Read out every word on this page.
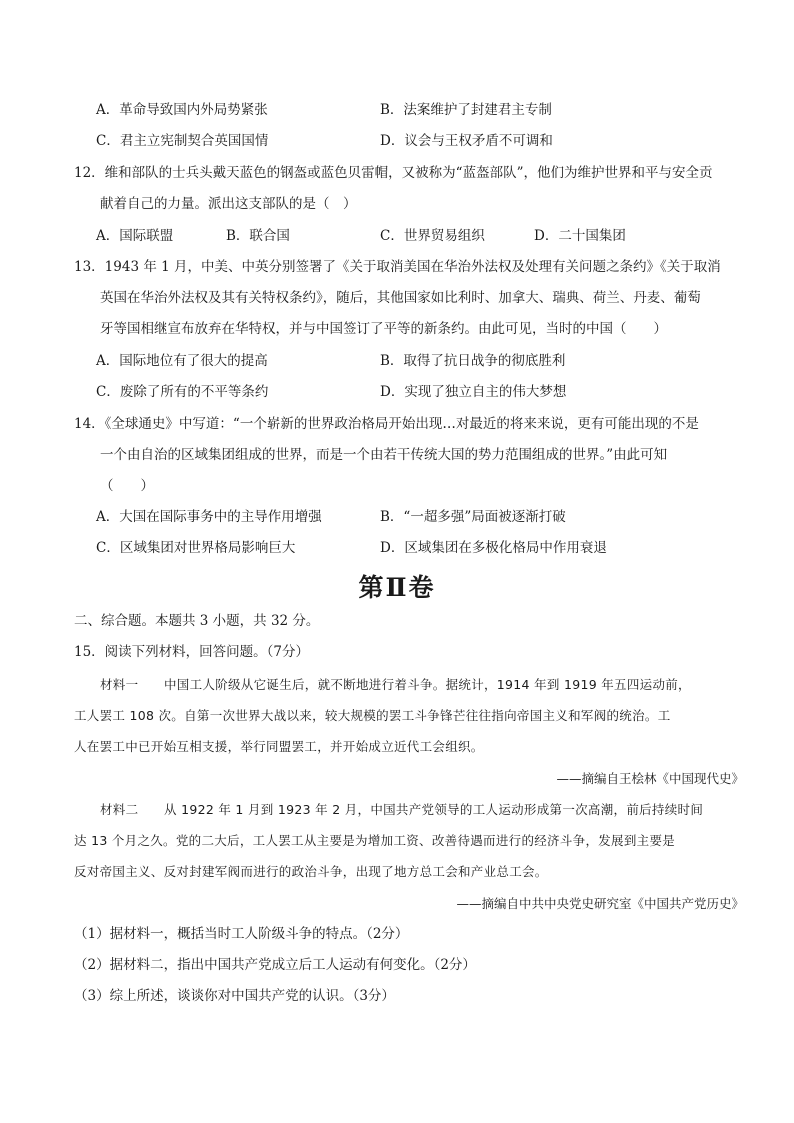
A．革命导致国内外局势紧张	B．法案维护了封建君主专制
C．君主立宪制契合英国国情	D．议会与王权矛盾不可调和
12．维和部队的士兵头戴天蓝色的钢盔或蓝色贝雷帽，又被称为“蓝盔部队”，他们为维护世界和平与安全贡
献着自己的力量。派出这支部队的是（　）
A．国际联盟	B．联合国	C．世界贸易组织	D．二十国集团
13．1943 年 1 月，中美、中英分别签署了《关于取消美国在华治外法权及处理有关问题之条约》《关于取消
英国在华治外法权及其有关特权条约》，随后，其他国家如比利时、加拿大、瑞典、荷兰、丹麦、葡萄
牙等国相继宣布放弃在华特权，并与中国签订了平等的新条约。由此可见，当时的中国（　　）
A．国际地位有了很大的提高	B．取得了抗日战争的彻底胜利
C．废除了所有的不平等条约	D．实现了独立自主的伟大梦想
14．《全球通史》中写道：“一个崭新的世界政治格局开始出现…对最近的将来来说，更有可能出现的不是
一个由自治的区域集团组成的世界，而是一个由若干传统大国的势力范围组成的世界。”由此可知
（　　）
A．大国在国际事务中的主导作用增强	B．“一超多强”局面被逐渐打破
C．区域集团对世界格局影响巨大	D．区域集团在多极化格局中作用衰退
第Ⅱ卷
二、综合题。本题共 3 小题，共 32 分。
15．阅读下列材料，回答问题。（7分）
材料一　　中国工人阶级从它诞生后，就不断地进行着斗争。据统计，1914 年到 1919 年五四运动前，
工人罢工 108 次。自第一次世界大战以来，较大规模的罢工斗争锋芒往往指向帝国主义和军阀的统治。工
人在罢工中已开始互相支援，举行同盟罢工，并开始成立近代工会组织。
——摘编自王桧林《中国现代史》
材料二　　从 1922 年 1 月到 1923 年 2 月，中国共产党领导的工人运动形成第一次高潮，前后持续时间
达 13 个月之久。党的二大后，工人罢工从主要是为增加工资、改善待遇而进行的经济斗争，发展到主要是
反对帝国主义、反对封建军阀而进行的政治斗争，出现了地方总工会和产业总工会。
——摘编自中共中央党史研究室《中国共产党历史》
（1）据材料一，概括当时工人阶级斗争的特点。（2分）
（2）据材料二，指出中国共产党成立后工人运动有何变化。（2分）
（3）综上所述，谈谈你对中国共产党的认识。（3分）
